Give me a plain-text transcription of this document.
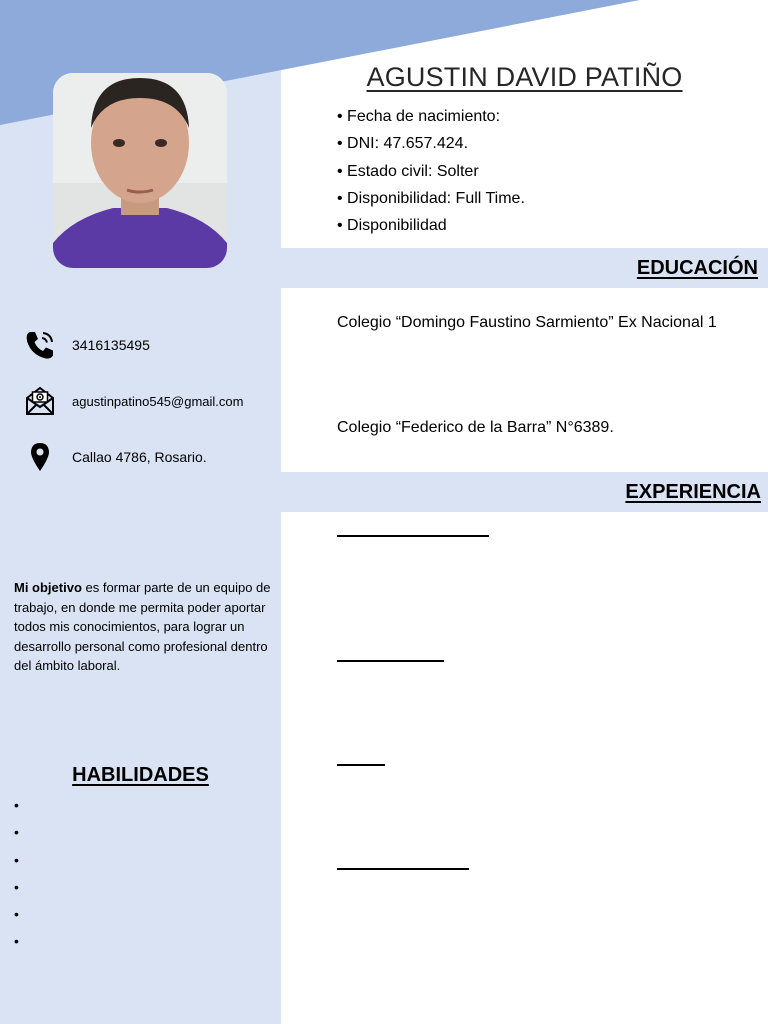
AGUSTIN DAVID PATIÑO
• Fecha de nacimiento:
• DNI: 47.657.424.
• Estado civil: Solter
• Disponibilidad: Full Time.
• Disponibilidad
EDUCACIÓN
Colegio “Domingo Faustino Sarmiento” Ex Nacional 1
Colegio “Federico de la Barra” N°6389.
EXPERIENCIA
3416135495
agustinpatino545@gmail.com
Callao 4786, Rosario.
Mi objetivo es formar parte de un equipo de trabajo, en donde me permita poder aportar todos mis conocimientos, para lograr un desarrollo personal como profesional dentro del ámbito laboral.
HABILIDADES
•
•
•
•
•
•
